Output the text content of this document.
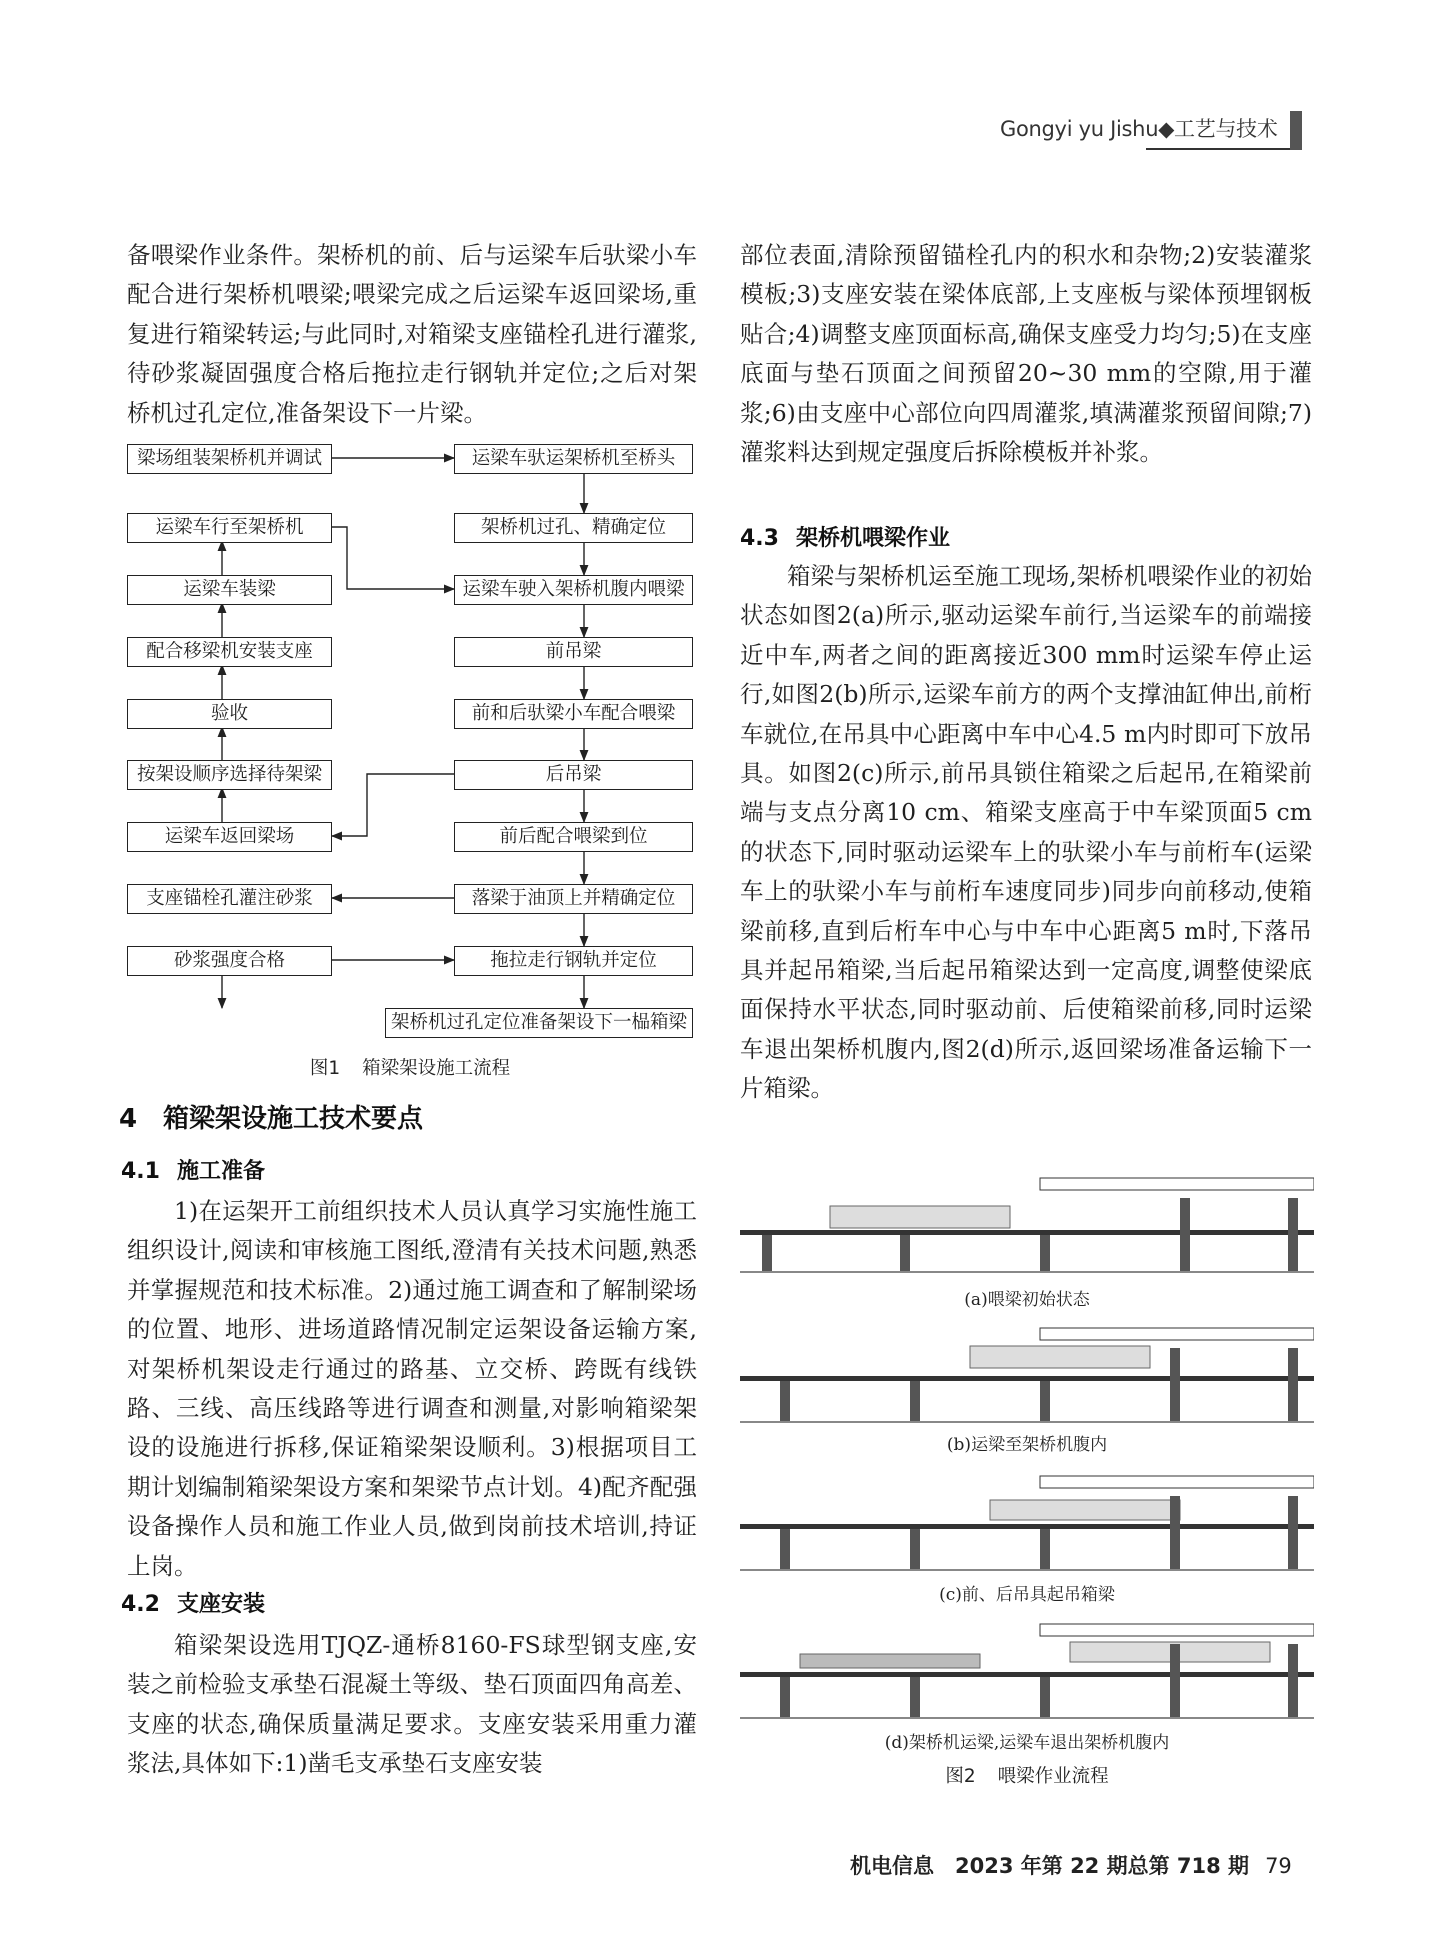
Gongyi yu Jishu◆工艺与技术

备喂梁作业条件。架桥机的前、后与运梁车后驮梁小车配合进行架桥机喂梁;喂梁完成之后运梁车返回梁场,重复进行箱梁转运;与此同时,对箱梁支座锚栓孔进行灌浆,待砂浆凝固强度合格后拖拉走行钢轨并定位;之后对架桥机过孔定位,准备架设下一片梁。

梁场组装架桥机并调试
运梁车行至架桥机
运梁车装梁
配合移梁机安装支座
验收
按架设顺序选择待架梁
运梁车返回梁场
支座锚栓孔灌注砂浆
砂浆强度合格
运梁车驮运架桥机至桥头
架桥机过孔、精确定位
运梁车驶入架桥机腹内喂梁
前吊梁
前和后驮梁小车配合喂梁
后吊梁
前后配合喂梁到位
落梁于油顶上并精确定位
拖拉走行钢轨并定位
架桥机过孔定位准备架设下一榀箱梁

图1 箱梁架设施工流程

4 箱梁架设施工技术要点
4.1 施工准备

1)在运架开工前组织技术人员认真学习实施性施工组织设计,阅读和审核施工图纸,澄清有关技术问题,熟悉并掌握规范和技术标准。2)通过施工调查和了解制梁场的位置、地形、进场道路情况制定运架设备运输方案,对架桥机架设走行通过的路基、立交桥、跨既有线铁路、三线、高压线路等进行调查和测量,对影响箱梁架设的设施进行拆移,保证箱梁架设顺利。3)根据项目工期计划编制箱梁架设方案和架梁节点计划。4)配齐配强设备操作人员和施工作业人员,做到岗前技术培训,持证上岗。

4.2 支座安装

箱梁架设选用TJQZ-通桥8160-FS球型钢支座,安装之前检验支承垫石混凝土等级、垫石顶面四角高差、支座的状态,确保质量满足要求。支座安装采用重力灌浆法,具体如下:1)凿毛支承垫石支座安装

部位表面,清除预留锚栓孔内的积水和杂物;2)安装灌浆模板;3)支座安装在梁体底部,上支座板与梁体预埋钢板贴合;4)调整支座顶面标高,确保支座受力均匀;5)在支座底面与垫石顶面之间预留20~30 mm的空隙,用于灌浆;6)由支座中心部位向四周灌浆,填满灌浆预留间隙;7)灌浆料达到规定强度后拆除模板并补浆。

4.3 架桥机喂梁作业

箱梁与架桥机运至施工现场,架桥机喂梁作业的初始状态如图2(a)所示,驱动运梁车前行,当运梁车的前端接近中车,两者之间的距离接近300 mm时运梁车停止运行,如图2(b)所示,运梁车前方的两个支撑油缸伸出,前桁车就位,在吊具中心距离中车中心4.5 m内时即可下放吊具。如图2(c)所示,前吊具锁住箱梁之后起吊,在箱梁前端与支点分离10 cm、箱梁支座高于中车梁顶面5 cm的状态下,同时驱动运梁车上的驮梁小车与前桁车(运梁车上的驮梁小车与前桁车速度同步)同步向前移动,使箱梁前移,直到后桁车中心与中车中心距离5 m时,下落吊具并起吊箱梁,当后起吊箱梁达到一定高度,调整使梁底面保持水平状态,同时驱动前、后使箱梁前移,同时运梁车退出架桥机腹内,图2(d)所示,返回梁场准备运输下一片箱梁。

(a)喂梁初始状态

(b)运梁至架桥机腹内

(c)前、后吊具起吊箱梁

(d)架桥机运梁,运梁车退出架桥机腹内

图2 喂梁作业流程

机电信息　2023 年第 22 期总第 718 期 79
